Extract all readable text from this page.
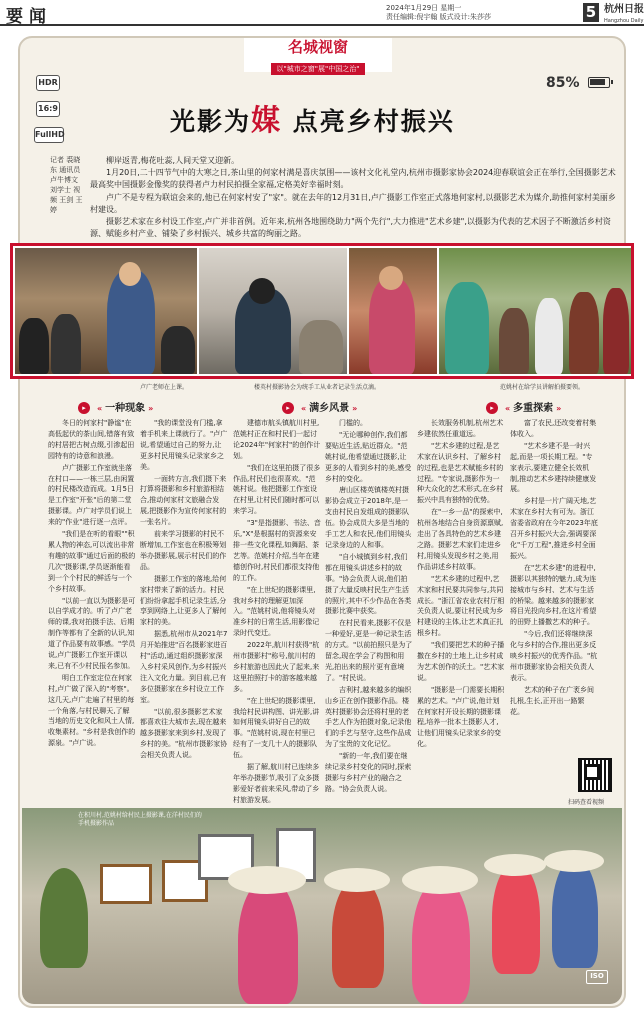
要闻	2024年1月29日 星期一
责任编辑:倪宇翰 版式设计:朱莎莎	5 杭州日报
Hangzhou Daily
名城视窗
以"城市之窗"展"中国之治"
HDR
16:9
FullHD
85%
光影为媒 点亮乡村振兴
记者 裘晓东 通讯员 卢牛博文 刘学士 视频 王剑 王婷

柳岸返青,梅花吐蕊,人间天堂又迎新。

1月20日,二十四节气中的大寒之日,茶山里的何家村满是喜庆氛围——该村文化礼堂内,杭州市摄影家协会2024迎春联谊会正在举行,全国摄影艺术最高奖中国摄影金像奖的获得者卢力村民拍摄全家福,定格美好幸福时刻。

卢广不是专程为联谊会来的,他已在何家村安了"家"。就在去年的12月31日,卢广摄影工作室正式落地何家村,以摄影艺术为媒介,助推何家村美丽乡村建设。

摄影艺术家在乡村设工作室,卢广并非首例。近年来,杭州各地围绕助力"两个先行",大力推进"艺术乡建",以摄影为代表的艺术因子不断激活乡村资源、赋能乡村产业、铺染了乡村振兴、城乡共富的绚丽之路。

卢广老师在上课。	楼英村摄影协会为统手工从业者记录生活点滴。	范姚村在给学员讲解拍摄要领。
▸ « 一种现象 »	▸ « 满乡风景 »	▸ « 多重探索 »

冬日的何家村"静谧"在高低起伏的茶山间,错落有致的村居把古树点缀,引渗起田园特有的诗意和浪漫。

卢广摄影工作室就坐落在村口——一栋三层,由闲置的村民楼改造而成。1月5日是工作室"开张"后的第二堂摄影课。卢广对学员们说上来的"作业"进行逐一点评。

"我们是在听的看眼""积累人物的神态,可以流出非常有趣的故事"通过后面的极的几次"摄影课,学员逐渐能看到一个个村民的鲜活与一个个乡村故事。

"以前一直以为摄影是可以自学成才的。听了卢广老师的课,我对拍摄手法、后期制作等都有了全新的认识,知道了作品要有故事感。"学员说,卢广摄影工作室开课以来,已有不少村民报名参加。

明白工作室定位在何家村,卢广做了深入的"考察"。这几天,卢广走遍了村里的每一个角落,与村民聊天,了解当地的历史文化和风土人情,收集素材。"乡村是我创作的源泉。"卢广说。

"我的课堂没有门槛,拿着手机来上课就行了。"卢广说,希望通过自己的努力,让更多村民用镜头记录家乡之美。

一面转方言,我们摄下来打算将摄影和乡村旅游相结合,推动何家村文旅融合发展,把摄影作为宣传何家村的一张名片。

前来学习摄影的村民不断增加,工作室也在积极筹划举办摄影展,展示村民们的作品。

摄影工作室的落地,给何家村带来了新的活力。村民们纷纷拿起手机记录生活,分享到网络上,让更多人了解何家村的美。

据悉,杭州市从2021年7月开始推进"百名摄影家进百村"活动,通过组织摄影家深入乡村采风创作,为乡村振兴注入文化力量。到目前,已有多位摄影家在乡村设立工作室。

"以前,很多摄影艺术家都喜欢往大城市去,现在越来越多摄影家来到乡村,发现了乡村的美。"杭州市摄影家协会相关负责人说。

建德市航头镇航川村里,范姚村正在和村民们一起讨论2024年"何家村"的创作计划。

"我们在这里拍摄了很多作品,村民们也很喜欢。"范姚村说。他把摄影工作室设在村里,让村民们随时都可以来学习。

"3"是指摄影、书法、音乐,"X"是根据村的资源来安排一些文化课程,如舞蹈、茶艺等。范姚村介绍,当年在建德创作时,村民们都很支持他的工作。

"在上世纪的摄影课里,我对乡村的理解更加深入。"范姚村说,他将镜头对准乡村的日常生活,用影像记录时代变迁。

2022年,航川村获得"杭州市摄影村"称号,航川村的乡村旅游也因此火了起来,来这里拍照打卡的游客越来越多。

"在上世纪的摄影课里,我给村民讲构图、讲光影,讲如何用镜头讲好自己的故事。"范姚村说,现在村里已经有了一支几十人的摄影队伍。

据了解,航川村已连续多年举办摄影节,吸引了众多摄影爱好者前来采风,带动了乡村旅游发展。

门槛的。

"无论哪种创作,我们都要贴近生活,贴近群众。"范姚村说,他希望通过摄影,让更多的人看到乡村的美,感受乡村的变化。

唐山区楼英镇楼英村摄影协会成立于2018年,是一支由村民自发组成的摄影队伍。协会成员大多是当地的手工艺人和农民,他们用镜头记录身边的人和事。

"自小城镇到乡村,我们都在用镜头讲述乡村的故事。"协会负责人说,他们拍摄了大量反映村民生产生活的照片,其中不少作品在各类摄影比赛中获奖。

在村民看来,摄影不仅是一种爱好,更是一种记录生活的方式。"以前拍照只是为了留念,现在学会了构图和用光,拍出来的照片更有意境了。"村民说。

吉利村,越来越多的编织山乡正在创作摄影作品。楼英村摄影协会还将村里的老手艺人作为拍摄对象,记录他们的手艺与坚守,这些作品成为了宝贵的文化记忆。

"新的一年,我们要在继续记录乡村变化的同时,探索摄影与乡村产业的融合之路。"协会负责人说。

长效服务机制,杭州艺术乡建依然任重道远。

"艺术乡建的过程,是艺术家在认识乡村、了解乡村的过程,也是艺术赋能乡村的过程。"专家说,摄影作为一种大众化的艺术形式,在乡村振兴中具有独特的优势。

在"一乡一品"的探索中,杭州各地结合自身资源禀赋,走出了各具特色的艺术乡建之路。摄影艺术家们走进乡村,用镜头发现乡村之美,用作品讲述乡村故事。

"艺术乡建的过程中,艺术家和村民要共同参与,共同成长。"浙江省农业农村厅相关负责人说,要让村民成为乡村建设的主体,让艺术真正扎根乡村。

"我们要把艺术的种子播撒在乡村的土地上,让乡村成为艺术创作的沃土。"艺术家说。

"摄影是一门需要长期积累的艺术。"卢广说,他计划在何家村开设长期的摄影课程,培养一批本土摄影人才,让他们用镜头记录家乡的变化。

富了农民,还改变着村集体收入。

"艺术乡建不是一时兴起,而是一项长期工程。"专家表示,要建立健全长效机制,推动艺术乡建持续健康发展。

乡村是一片广阔天地,艺术家在乡村大有可为。浙江省委省政府在今年2023年底召开乡村振兴大会,强调要深化"千万工程",推进乡村全面振兴。

在"艺术乡建"的进程中,摄影以其独特的魅力,成为连接城市与乡村、艺术与生活的桥梁。越来越多的摄影家将目光投向乡村,在这片希望的田野上播撒艺术的种子。

"今后,我们还将继续深化与乡村的合作,推出更多反映乡村振兴的优秀作品。"杭州市摄影家协会相关负责人表示。

艺术的种子在广袤乡间扎根,生长,正开出一路繁花。

扫码查看视频
在积川村,范姚村给村民上摄影课,在洋村民们的手机摄影作品
ISO
